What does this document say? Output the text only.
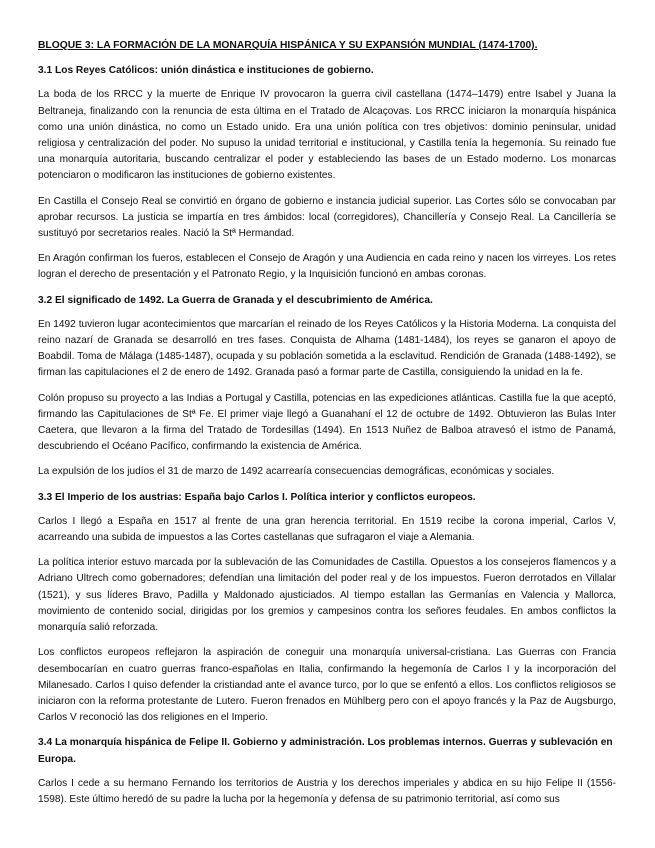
BLOQUE 3: LA FORMACIÓN DE LA MONARQUÍA HISPÁNICA Y SU EXPANSIÓN MUNDIAL (1474-1700).
3.1 Los Reyes Católicos: unión dinástica e instituciones de gobierno.
La boda de los RRCC y la muerte de Enrique IV provocaron la guerra civil castellana (1474–1479) entre Isabel y Juana la Beltraneja, finalizando con la renuncia de esta última en el Tratado de Alcaçovas. Los RRCC iniciaron la monarquía hispánica como una unión dinástica, no como un Estado unido. Era una unión política con tres objetivos: dominio peninsular, unidad religiosa y centralización del poder. No supuso la unidad territorial e institucional, y Castilla tenía la hegemonía. Su reinado fue una monarquía autoritaria, buscando centralizar el poder y estableciendo las bases de un Estado moderno. Los monarcas potenciaron o modificaron las instituciones de gobierno existentes.
En Castilla el Consejo Real se convirtió en órgano de gobierno e instancia judicial superior. Las Cortes sólo se convocaban par aprobar recursos. La justicia se impartía en tres ámbidos: local (corregidores), Chancillería y Consejo Real. La Cancillería se sustituyó por secretarios reales. Nació la Stª Hermandad.
En Aragón confirman los fueros, establecen el Consejo de Aragón y una Audiencia en cada reino y nacen los virreyes. Los retes logran el derecho de presentación y el Patronato Regio, y la Inquisición funcionó en ambas coronas.
3.2 El significado de 1492. La Guerra de Granada y el descubrimiento de América.
En 1492 tuvieron lugar acontecimientos que marcarían el reinado de los Reyes Católicos y la Historia Moderna. La conquista del reino nazarí de Granada se desarrolló en tres fases. Conquista de Alhama (1481-1484), los reyes se ganaron el apoyo de Boabdil. Toma de Málaga (1485-1487), ocupada y su población sometida a la esclavitud. Rendición de Granada (1488-1492), se firman las capitulaciones el 2 de enero de 1492. Granada pasó a formar parte de Castilla, consiguiendo la unidad en la fe.
Colón propuso su proyecto a las Indias a Portugal y Castilla, potencias en las expediciones atlánticas. Castilla fue la que aceptó, firmando las Capitulaciones de Stª Fe. El primer viaje llegó a Guanahaní el 12 de octubre de 1492. Obtuvieron las Bulas Inter Caetera, que llevaron a la firma del Tratado de Tordesillas (1494). En 1513 Nuñez de Balboa atravesó el istmo de Panamá, descubriendo el Océano Pacífico, confirmando la existencia de América.
La expulsión de los judíos el 31 de marzo de 1492 acarrearía consecuencias demográficas, económicas y sociales.
3.3 El Imperio de los austrias: España bajo Carlos I. Política interior y conflictos europeos.
Carlos I llegó a España en 1517 al frente de una gran herencia territorial. En 1519 recibe la corona imperial, Carlos V, acarreando una subida de impuestos a las Cortes castellanas que sufragaron el viaje a Alemania.
La política interior estuvo marcada por la sublevación de las Comunidades de Castilla. Opuestos a los consejeros flamencos y a Adriano Ultrech como gobernadores; defendían una limitación del poder real y de los impuestos. Fueron derrotados en Villalar (1521), y sus líderes Bravo, Padilla y Maldonado ajusticiados. Al tiempo estallan las Germanías en Valencia y Mallorca, movimiento de contenido social, dirigidas por los gremios y campesinos contra los señores feudales. En ambos conflictos la monarquía salió reforzada.
Los conflictos europeos reflejaron la aspiración de coneguir una monarquía universal-cristiana. Las Guerras con Francia desembocarían en cuatro guerras franco-españolas en Italia, confirmando la hegemonía de Carlos I y la incorporación del Milanesado. Carlos I quiso defender la cristiandad ante el avance turco, por lo que se enfentó a ellos. Los conflictos religiosos se iniciaron con la reforma protestante de Lutero. Fueron frenados en Mühlberg pero con el apoyo francés y la Paz de Augsburgo, Carlos V reconoció las dos religiones en el Imperio.
3.4 La monarquía hispánica de Felipe II. Gobierno y administración. Los problemas internos. Guerras y sublevación en Europa.
Carlos I cede a su hermano Fernando los territorios de Austria y los derechos imperiales y abdica en su hijo Felipe II (1556-1598). Este último heredó de su padre la lucha por la hegemonía y defensa de su patrimonio territorial, así como sus
